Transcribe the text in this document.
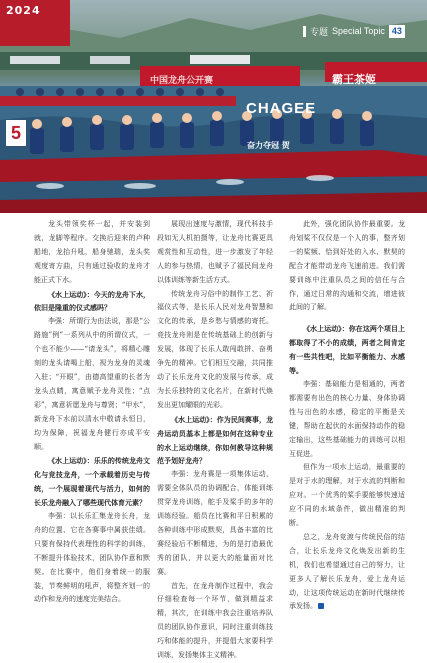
2024
中国龙舟公开赛	霸王茶姬
CHAGEE
5
奋力夺冠 贺
专题 Special Topic 43

龙头带领奖杯一起，并安装到就，龙脚等程序。交换后迎来的卢种船地，龙抬升吼，船身驰瑞，龙头奖观度寄方曲，只有通过验收的龙舟才能正式下水。

《水上运动》：今天的龙舟下水，依旧是隆重的仪式感吗？

李强：所谓行为由法说，那是“公路施”例”一系列从中的所谓仪式，一个也不能少——“请龙头”，将精心雕刻的龙头请喝上船，视为龙身的灵魂入驻；“开眼”，由德高望重的长者为龙头点睛，寓意赋予龙舟灵性；“点彩”，寓意祈愿龙舟与尊贤；“甲水”，新龙舟下水前以清水中敬请永恒日，均为保障，祝福龙舟健行亦成平安顺。

《水上运动》：乐乐的传统龙舟文化与竞技龙舟，一个承载着历史与传统，一个展现着现代与活力，如何的长乐龙舟融入了哪些现代体育元素？

李强：以长乐汇集龙舟长舟，龙舟的位置、它在各赛事中属获佳绩。只要有保持代表理性的科学的训练，不断提升体验技术，团队协作意和默契。在比赛中，他们身着统一的服装，节奏鲜明的吼声，将整齐划一的动作和龙舟的速度完美结合。

展现出速度与激情，现代科技手段如无人机拍摄等，让龙舟比赛更具观赏性和互动性，进一步激发了年轻人的参与热情，也赋予了福民间龙舟以体训练等新生活方式。

传统龙舟习俗中的制作工艺、祈福仪式等，是长乐人民对龙舟智慧和文化的传承，是乡愁与情感的寄托。竞技龙舟则是在传统基础上的创新与发展，体现了长乐人敢闯敢拼、奋勇争先的精神。它们相互交融，共同推动了长乐龙舟文化的发展与传承，成为长乐独特的文化名片，在新时代焕发出更加耀眼的光彩。

《水上运动》：作为民间赛事，龙舟运动员基本上都是如何在这种专业的水上运动继续，你如何教导这种规范予划好龙舟？

李强：龙舟赛是一项集体运动，需要全体队员的协调配合，体能训练贯穿龙舟训练，舵手及桨手的多年的训练经验。船员在比赛和平日积累的各种训练中形成默契，具备丰富的比赛经验后不断精进，为的是打造最优秀的团队，并以更大的能量面对比赛。

首先，在龙舟制作过程中，我会仔细检查每一个环节，做到精益求精，其次，在训练中我会注重培养队员的团队协作意识，同时注重训练技巧和体能的提升，并提倡大家要科学训练，发扬集体主义精神。

此外，强化团队协作最重要。龙舟划桨不仅仅是一个人的事，整齐划一的桨频、恰到好处的入水、默契的配合才能带动龙舟飞速前进。我们需要训练中注重队员之间的信任与合作，通过日常的沟通和交流，增进彼此间的了解。

《水上运动》：你在这两个项目上都取得了不小的成绩，两者之间肯定有一些共性吧，比如平衡能力、水感等。

李强：基础能力是相通的，两者都需要有出色的核心力量、身体协调性与出色的水感，稳定的平衡是关键，帮助在起伏的水面保持动作的稳定输出，这些基础能力的训练可以相互促进。

但作为一项水上运动，最重要的是对于水的理解，对于水流的判断和应对。一个优秀的桨手要能够快速适应不同的水域条件，做出精准的判断。

总之，龙舟竞渡与传统民俗的结合，让长乐龙舟文化焕发出新的生机，我们也希望通过自己的努力，让更多人了解长乐龙舟，爱上龙舟运动，让这项传统运动在新时代继续传承发扬。
